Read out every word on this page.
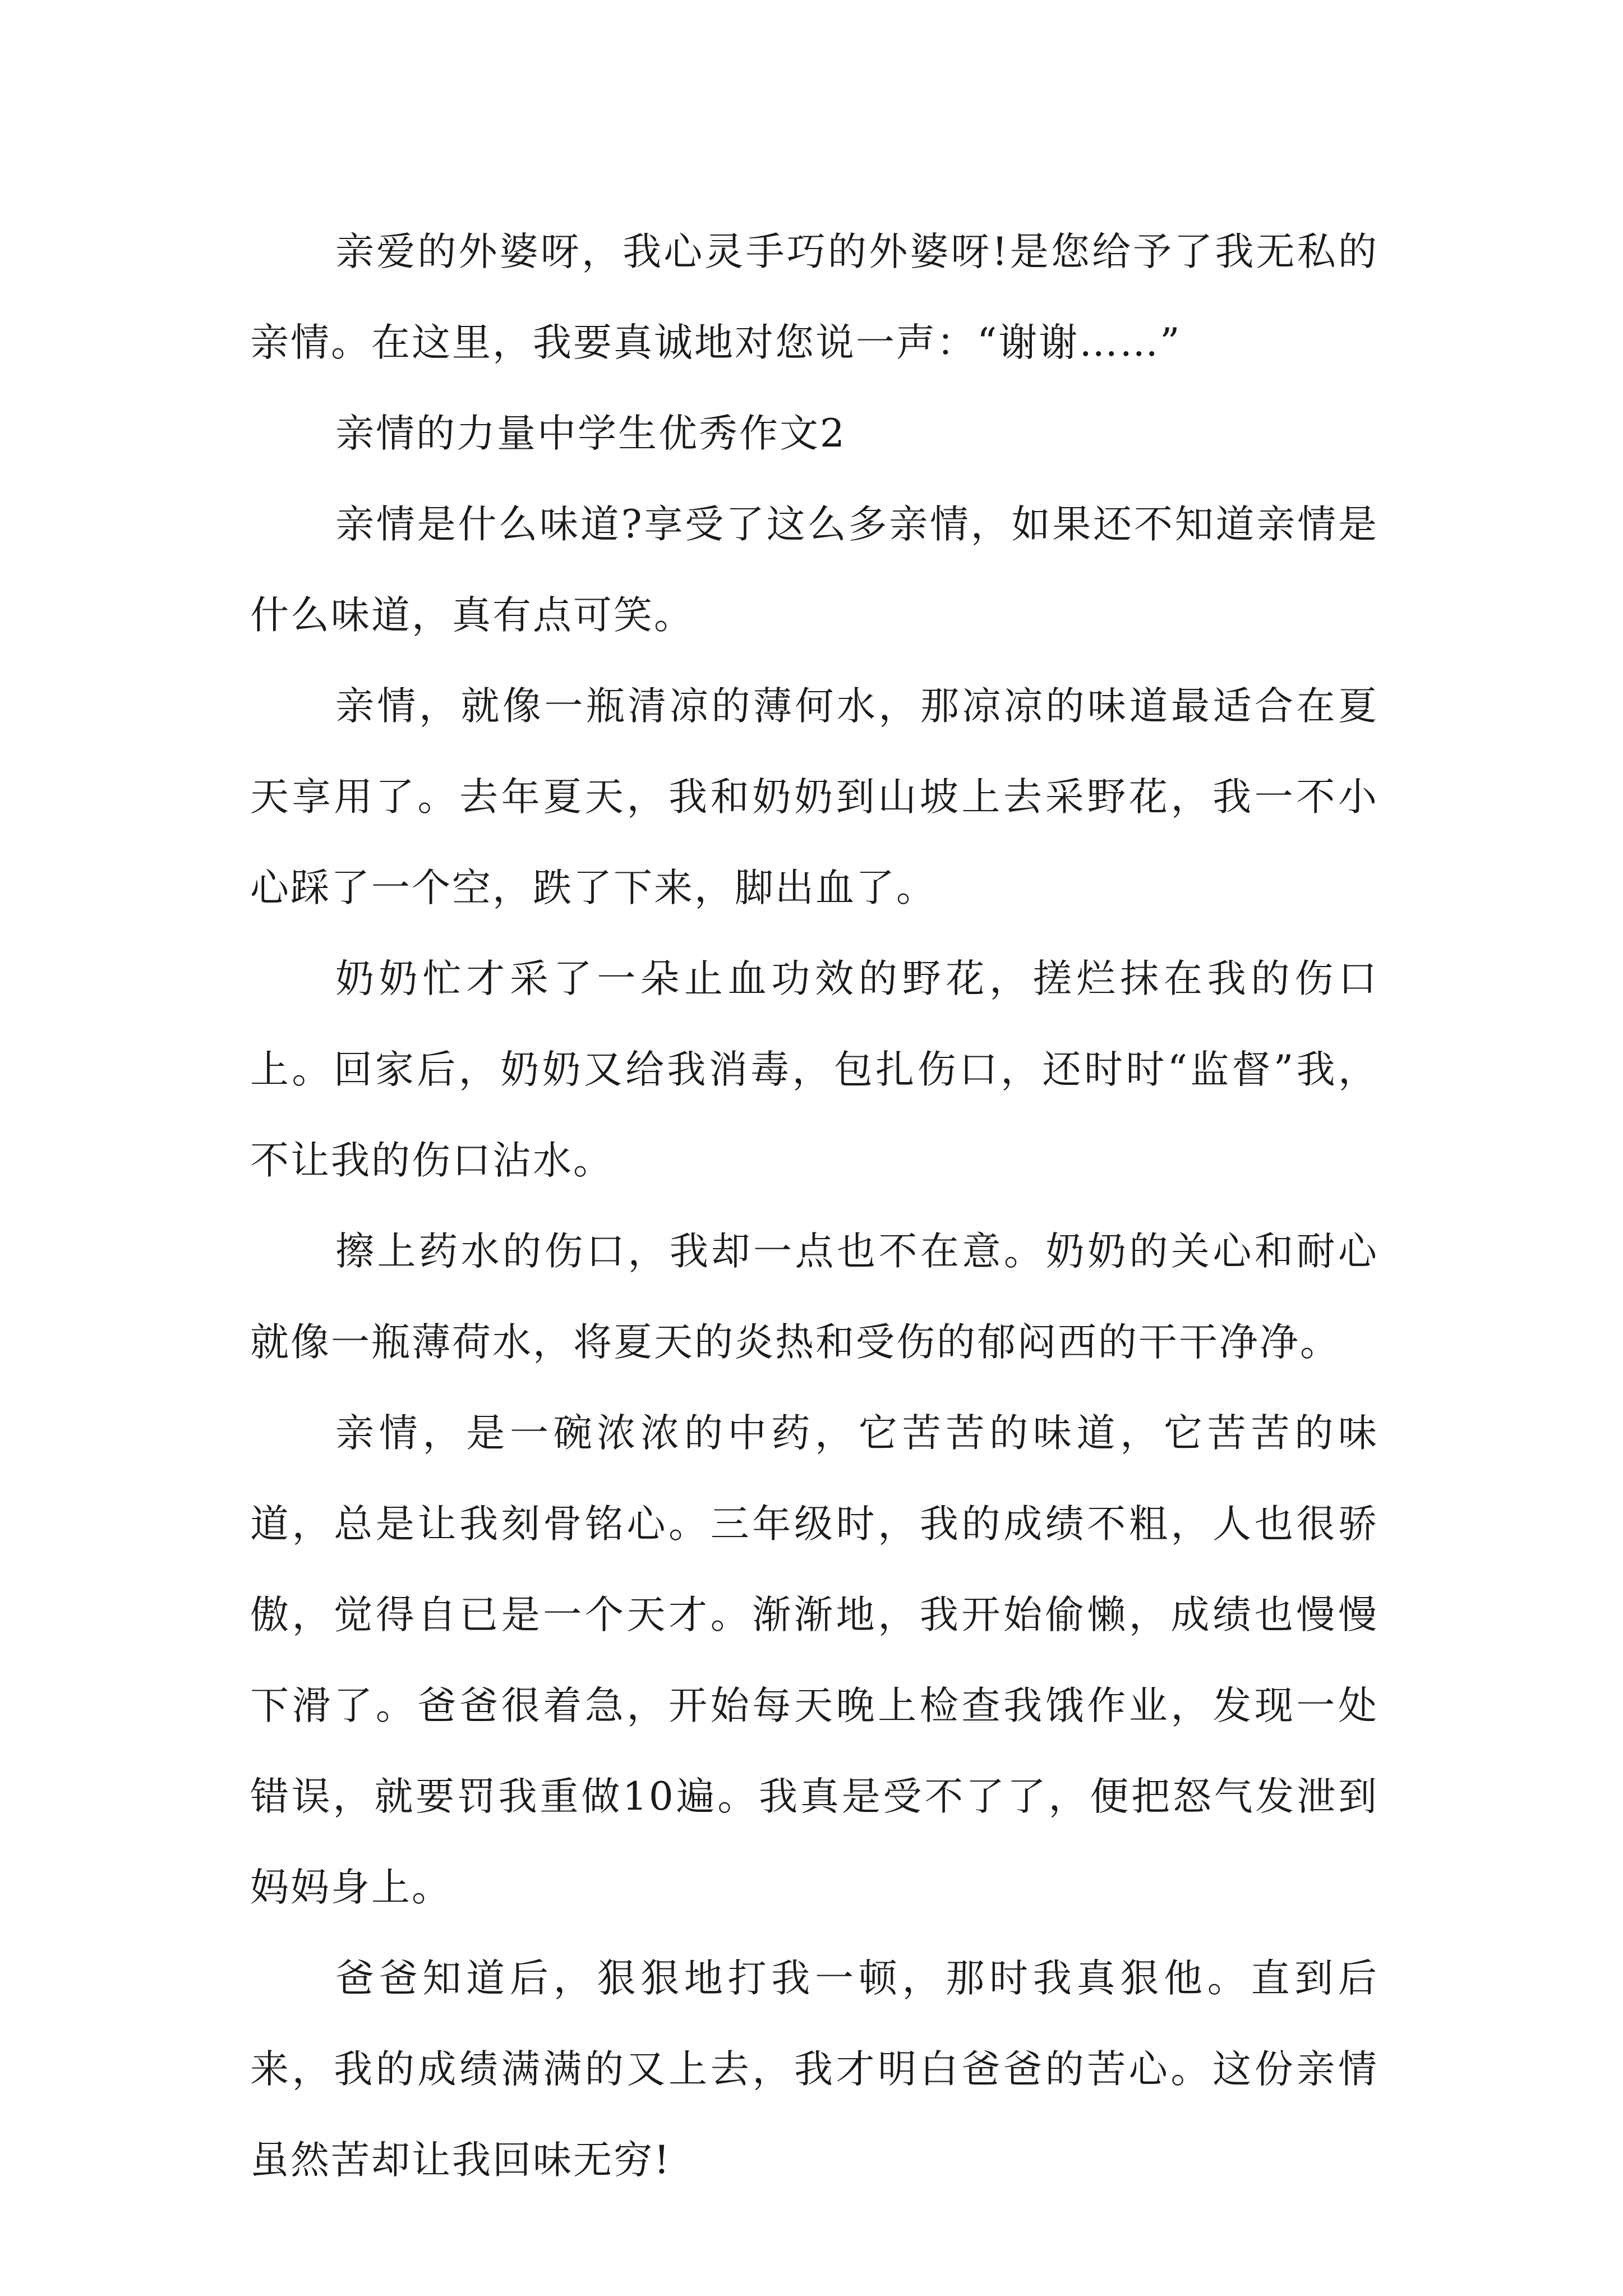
亲爱的外婆呀，我心灵手巧的外婆呀!是您给予了我无私的亲情。在这里，我要真诚地对您说一声：“谢谢……”

亲情的力量中学生优秀作文2

亲情是什么味道?享受了这么多亲情，如果还不知道亲情是什么味道，真有点可笑。

亲情，就像一瓶清凉的薄何水，那凉凉的味道最适合在夏天享用了。去年夏天，我和奶奶到山坡上去采野花，我一不小心踩了一个空，跌了下来，脚出血了。

奶奶忙才采了一朵止血功效的野花，搓烂抹在我的伤口上。回家后，奶奶又给我消毒，包扎伤口，还时时“监督”我，不让我的伤口沾水。

擦上药水的伤口，我却一点也不在意。奶奶的关心和耐心就像一瓶薄荷水，将夏天的炎热和受伤的郁闷西的干干净净。

亲情，是一碗浓浓的中药，它苦苦的味道，它苦苦的味道，总是让我刻骨铭心。三年级时，我的成绩不粗，人也很骄傲，觉得自已是一个天才。渐渐地，我开始偷懒，成绩也慢慢下滑了。爸爸很着急，开始每天晚上检查我饿作业，发现一处错误，就要罚我重做10遍。我真是受不了了，便把怒气发泄到妈妈身上。

爸爸知道后，狠狠地打我一顿，那时我真狠他。直到后来，我的成绩满满的又上去，我才明白爸爸的苦心。这份亲情虽然苦却让我回味无穷!
